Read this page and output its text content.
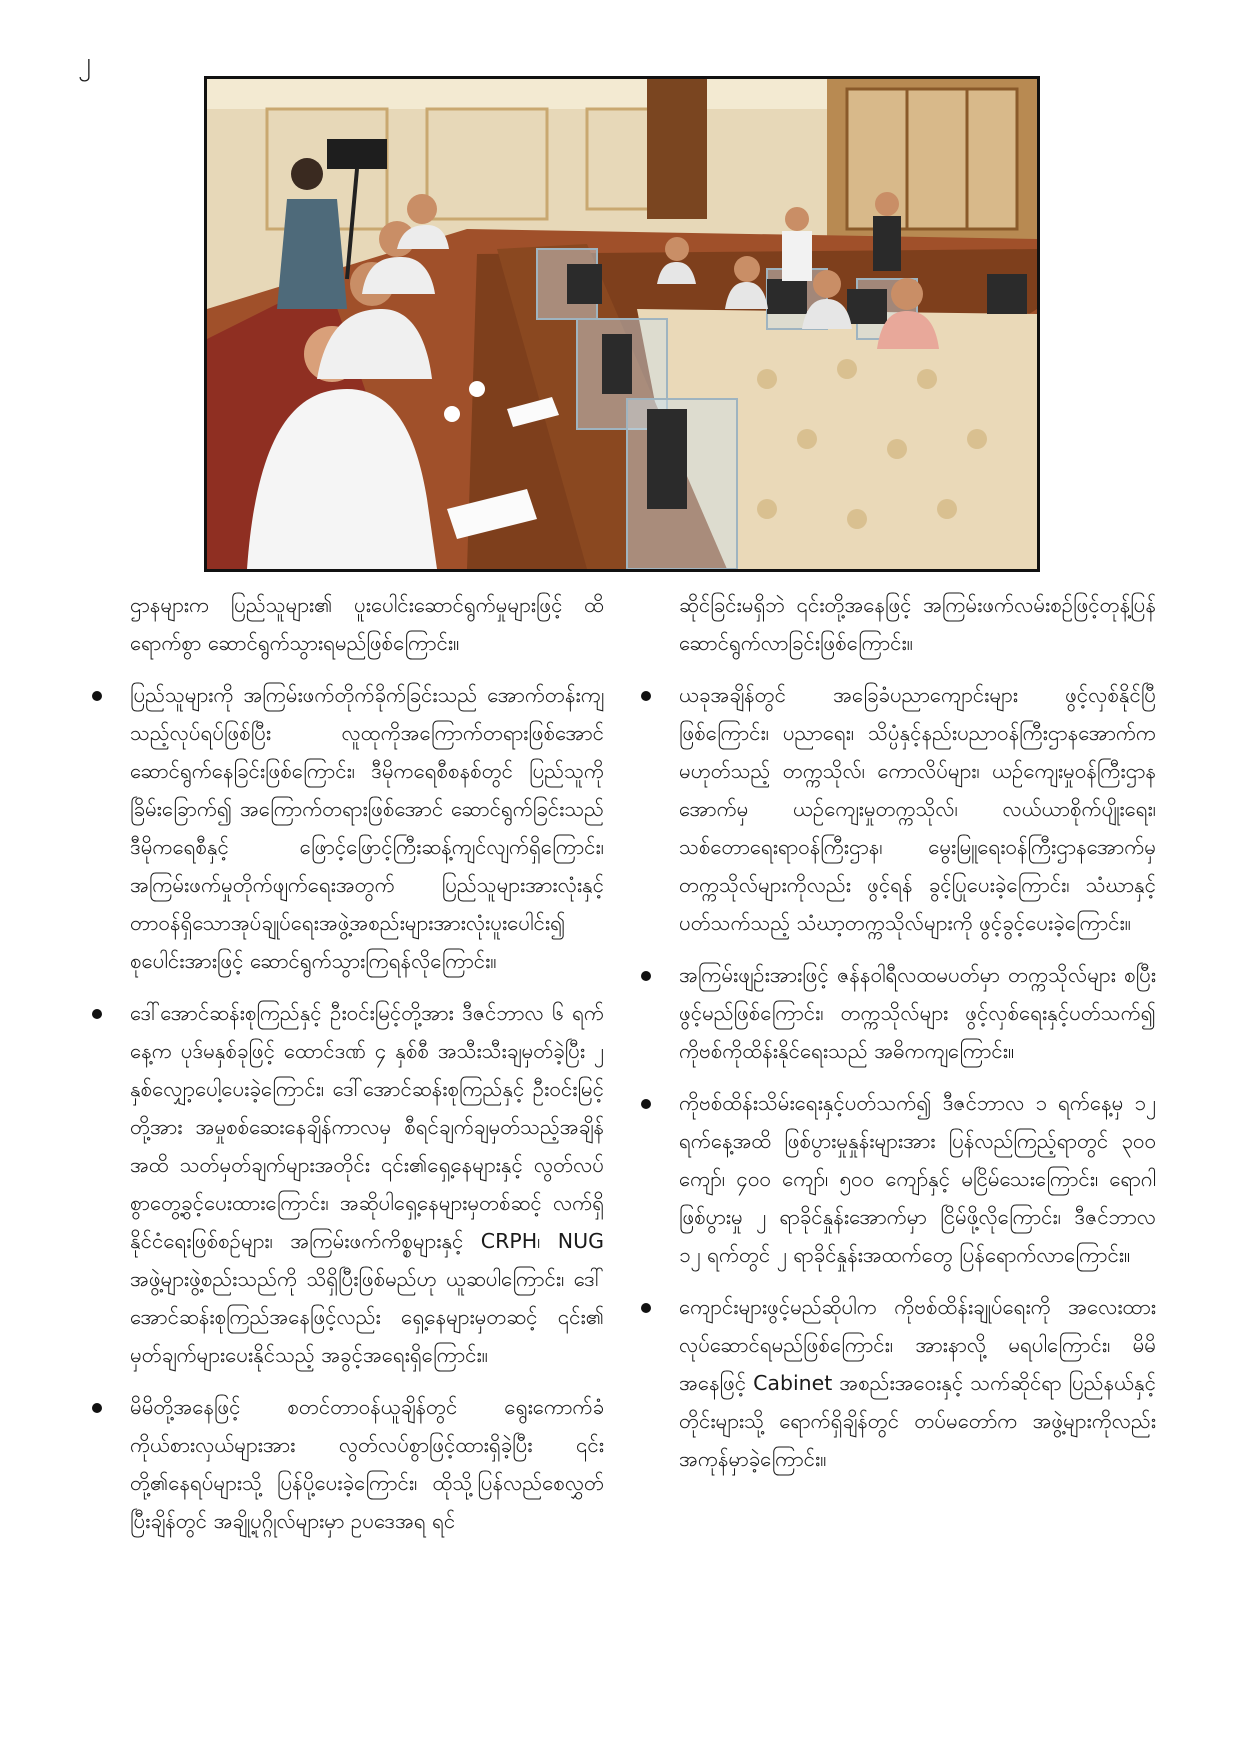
၂

ဌာနများက ပြည်သူများ၏ ပူးပေါင်းဆောင်ရွက်မှုများဖြင့် ထိရောက်စွာ ဆောင်ရွက်သွားရမည်ဖြစ်ကြောင်း။

ပြည်သူများကို အကြမ်းဖက်တိုက်ခိုက်ခြင်းသည် အောက်တန်းကျသည့်လုပ်ရပ်ဖြစ်ပြီး လူထုကိုအကြောက်တရားဖြစ်အောင်ဆောင်ရွက်နေခြင်းဖြစ်ကြောင်း၊ ဒီမိုကရေစီစနစ်တွင် ပြည်သူကိုခြိမ်းခြောက်၍ အကြောက်တရားဖြစ်အောင် ဆောင်ရွက်ခြင်းသည် ဒီမိုကရေစီနှင့် ဖြောင့်ဖြောင့်ကြီးဆန့်ကျင်လျက်ရှိကြောင်း၊ အကြမ်းဖက်မှုတိုက်ဖျက်ရေးအတွက် ပြည်သူများအားလုံးနှင့် တာဝန်ရှိသောအုပ်ချုပ်ရေးအဖွဲ့အစည်းများအားလုံးပူးပေါင်း၍ စုပေါင်းအားဖြင့် ဆောင်ရွက်သွားကြရန်လိုကြောင်း။
ဒေါ်အောင်ဆန်းစုကြည်နှင့် ဦးဝင်းမြင့်တို့အား ဒီဇင်ဘာလ ၆ ရက်နေ့က ပုဒ်မနှစ်ခုဖြင့် ထောင်ဒဏ် ၄ နှစ်စီ အသီးသီးချမှတ်ခဲ့ပြီး ၂ နှစ်လျှော့ပေါ့ပေးခဲ့ကြောင်း၊ ဒေါ်အောင်ဆန်းစုကြည်နှင့် ဦးဝင်းမြင့်တို့အား အမှုစစ်ဆေးနေချိန်ကာလမှ စီရင်ချက်ချမှတ်သည့်အချိန်အထိ သတ်မှတ်ချက်များအတိုင်း ၎င်း၏ရှေ့နေများနှင့် လွတ်လပ်စွာတွေ့ခွင့်ပေးထားကြောင်း၊ အဆိုပါရှေ့နေများမှတစ်ဆင့် လက်ရှိနိုင်ငံရေးဖြစ်စဉ်များ၊ အကြမ်းဖက်ကိစ္စများနှင့် CRPH၊ NUG အဖွဲ့များဖွဲ့စည်းသည်ကို သိရှိပြီးဖြစ်မည်ဟု ယူဆပါကြောင်း၊ ဒေါ်အောင်ဆန်းစုကြည်အနေဖြင့်လည်း ရှေ့နေများမှတဆင့် ၎င်း၏ မှတ်ချက်များပေးနိုင်သည့် အခွင့်အရေးရှိကြောင်း။
မိမိတို့အနေဖြင့် စတင်တာဝန်ယူချိန်တွင် ရွေးကောက်ခံကိုယ်စားလှယ်များအား လွတ်လပ်စွာဖြင့်ထားရှိခဲ့ပြီး ၎င်းတို့၏နေရပ်များသို့ ပြန်ပို့ပေးခဲ့ကြောင်း၊ ထိုသို့ပြန်လည်စေလွှတ်ပြီးချိန်တွင် အချို့ပုဂ္ဂိုလ်များမှာ ဥပဒေအရ ရင်

ဆိုင်ခြင်းမရှိဘဲ ၎င်းတို့အနေဖြင့် အကြမ်းဖက်လမ်းစဉ်ဖြင့်တုန့်ပြန်ဆောင်ရွက်လာခြင်းဖြစ်ကြောင်း။

ယခုအချိန်တွင် အခြေခံပညာကျောင်းများ ဖွင့်လှစ်နိုင်ပြီဖြစ်ကြောင်း၊ ပညာရေး၊ သိပ္ပံနှင့်နည်းပညာဝန်ကြီးဌာနအောက်ကမဟုတ်သည့် တက္ကသိုလ်၊ ကောလိပ်များ၊ ယဉ်ကျေးမှုဝန်ကြီးဌာနအောက်မှ ယဉ်ကျေးမှုတက္ကသိုလ်၊ လယ်ယာစိုက်ပျိုးရေး၊ သစ်တောရေးရာဝန်ကြီးဌာန၊ မွေးမြူရေးဝန်ကြီးဌာနအောက်မှ တက္ကသိုလ်များကိုလည်း ဖွင့်ရန် ခွင့်ပြုပေးခဲ့ကြောင်း၊ သံဃာနှင့်ပတ်သက်သည့် သံဃာ့တက္ကသိုလ်များကို ဖွင့်ခွင့်ပေးခဲ့ကြောင်း။
အကြမ်းဖျဉ်းအားဖြင့် ဇန်နဝါရီလထမပတ်မှာ တက္ကသိုလ်များ စပြီးဖွင့်မည်ဖြစ်ကြောင်း၊ တက္ကသိုလ်များ ဖွင့်လှစ်ရေးနှင့်ပတ်သက်၍ ကိုဗစ်ကိုထိန်းနိုင်ရေးသည် အဓိကကျကြောင်း။
ကိုဗစ်ထိန်းသိမ်းရေးနှင့်ပတ်သက်၍ ဒီဇင်ဘာလ ၁ ရက်နေ့မှ ၁၂ ရက်နေ့အထိ ဖြစ်ပွားမှုနှုန်းများအား ပြန်လည်ကြည့်ရာတွင် ၃၀၀ ကျော်၊ ၄၀၀ ကျော်၊ ၅၀၀ ကျော်နှင့် မငြိမ်သေးကြောင်း၊ ရောဂါဖြစ်ပွားမှု ၂ ရာခိုင်နှုန်းအောက်မှာ ငြိမ်ဖို့လိုကြောင်း၊ ဒီဇင်ဘာလ ၁၂ ရက်တွင် ၂ ရာခိုင်နှုန်းအထက်တွေ ပြန်ရောက်လာကြောင်း။
ကျောင်းများဖွင့်မည်ဆိုပါက ကိုဗစ်ထိန်းချုပ်ရေးကို အလေးထားလုပ်ဆောင်ရမည်ဖြစ်ကြောင်း၊ အားနာလို့ မရပါကြောင်း၊ မိမိအနေဖြင့် Cabinet အစည်းအဝေးနှင့် သက်ဆိုင်ရာ ပြည်နယ်နှင့်တိုင်းများသို့ ရောက်ရှိချိန်တွင် တပ်မတော်က အဖွဲ့များကိုလည်း အကုန်မှာခဲ့ကြောင်း။
